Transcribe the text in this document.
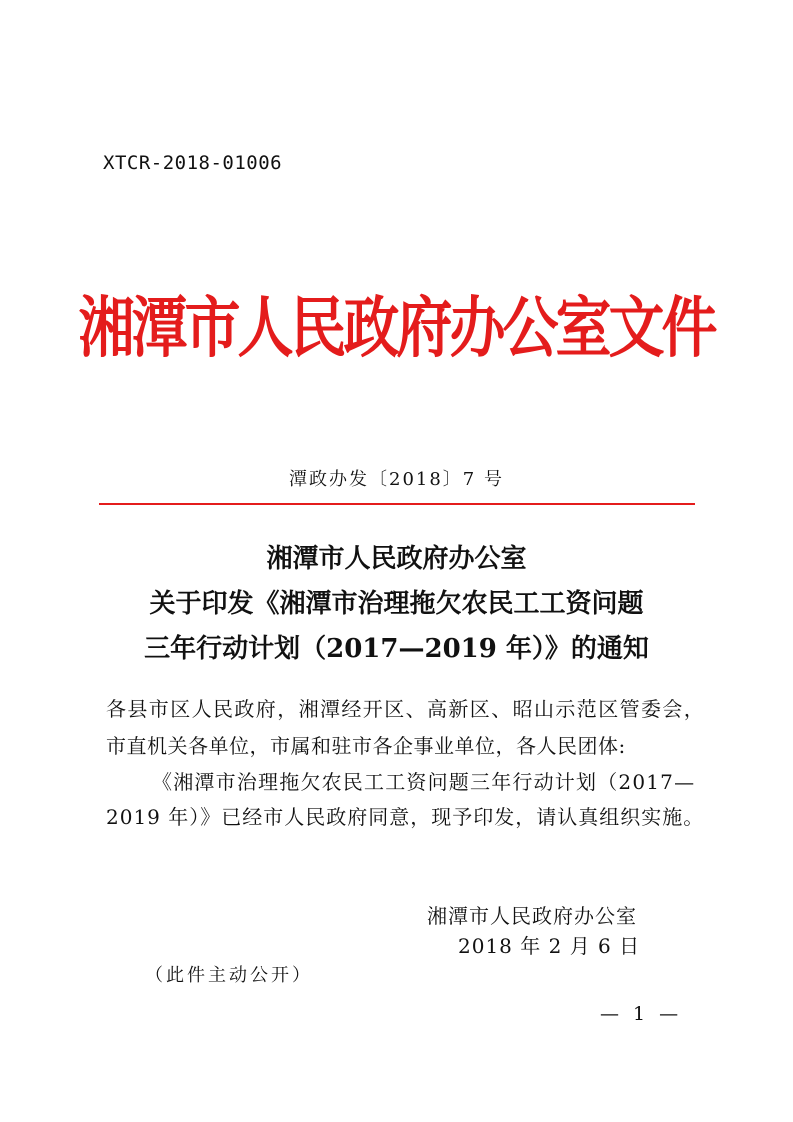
XTCR-2018-01006

湘潭市人民政府办公室文件

潭政办发〔2018〕7 号

湘潭市人民政府办公室

关于印发《湘潭市治理拖欠农民工工资问题

三年行动计划（2017—2019 年）》的通知

各县市区人民政府，湘潭经开区、高新区、昭山示范区管委会，

市直机关各单位，市属和驻市各企事业单位，各人民团体:

《湘潭市治理拖欠农民工工资问题三年行动计划（2017—

2019 年）》已经市人民政府同意，现予印发，请认真组织实施。

湘潭市人民政府办公室

2018 年 2 月 6 日

（此件主动公开）

— 1 —
